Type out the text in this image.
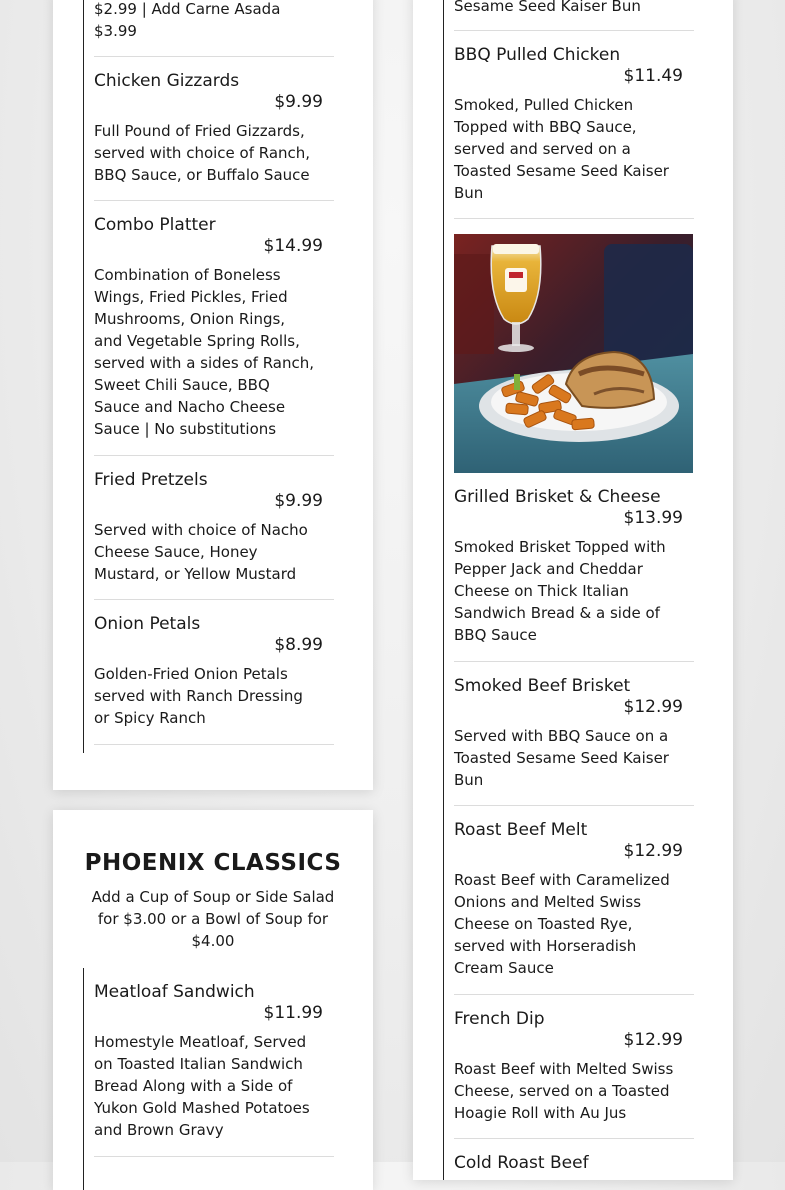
$2.99 | Add Carne Asada
$3.99
Chicken Gizzards
$9.99
Full Pound of Fried Gizzards, served with choice of Ranch, BBQ Sauce, or Buffalo Sauce
Combo Platter
$14.99
Combination of Boneless Wings, Fried Pickles, Fried Mushrooms, Onion Rings, and Vegetable Spring Rolls, served with a sides of Ranch, Sweet Chili Sauce, BBQ Sauce and Nacho Cheese Sauce | No substitutions
Fried Pretzels
$9.99
Served with choice of Nacho Cheese Sauce, Honey Mustard, or Yellow Mustard
Onion Petals
$8.99
Golden-Fried Onion Petals served with Ranch Dressing or Spicy Ranch
PHOENIX CLASSICS
Add a Cup of Soup or Side Salad for $3.00 or a Bowl of Soup for $4.00
Meatloaf Sandwich
$11.99
Homestyle Meatloaf, Served on Toasted Italian Sandwich Bread Along with a Side of Yukon Gold Mashed Potatoes and Brown Gravy
Sesame Seed Kaiser Bun
BBQ Pulled Chicken
$11.49
Smoked, Pulled Chicken Topped with BBQ Sauce, served and served on a Toasted Sesame Seed Kaiser Bun
Grilled Brisket & Cheese
$13.99
Smoked Brisket Topped with Pepper Jack and Cheddar Cheese on Thick Italian Sandwich Bread & a side of BBQ Sauce
Smoked Beef Brisket
$12.99
Served with BBQ Sauce on a Toasted Sesame Seed Kaiser Bun
Roast Beef Melt
$12.99
Roast Beef with Caramelized Onions and Melted Swiss Cheese on Toasted Rye, served with Horseradish Cream Sauce
French Dip
$12.99
Roast Beef with Melted Swiss Cheese, served on a Toasted Hoagie Roll with Au Jus
Cold Roast Beef
